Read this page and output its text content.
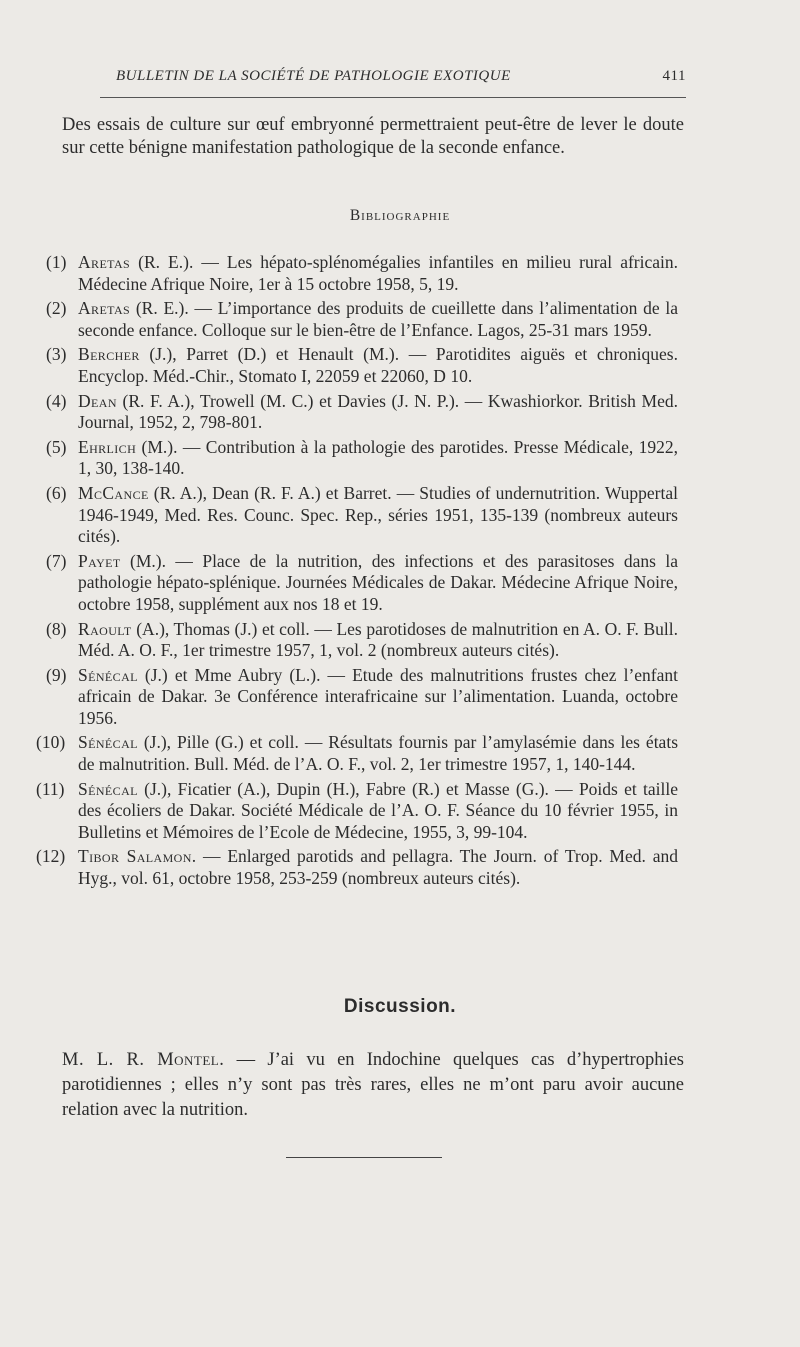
BULLETIN DE LA SOCIÉTÉ DE PATHOLOGIE EXOTIQUE	411

Des essais de culture sur œuf embryonné permettraient peut-être de lever le doute sur cette bénigne manifestation pathologique de la seconde enfance.

Bibliographie
(1) Aretas (R. E.). — Les hépato-splénomégalies infantiles en milieu rural africain. Médecine Afrique Noire, 1er à 15 octobre 1958, 5, 19.
(2) Aretas (R. E.). — L’importance des produits de cueillette dans l’alimentation de la seconde enfance. Colloque sur le bien-être de l’Enfance. Lagos, 25-31 mars 1959.
(3) Bercher (J.), Parret (D.) et Henault (M.). — Parotidites aiguës et chroniques. Encyclop. Méd.-Chir., Stomato I, 22059 et 22060, D 10.
(4) Dean (R. F. A.), Trowell (M. C.) et Davies (J. N. P.). — Kwashiorkor. British Med. Journal, 1952, 2, 798-801.
(5) Ehrlich (M.). — Contribution à la pathologie des parotides. Presse Médicale, 1922, 1, 30, 138-140.
(6) McCance (R. A.), Dean (R. F. A.) et Barret. — Studies of undernutrition. Wuppertal 1946-1949, Med. Res. Counc. Spec. Rep., séries 1951, 135-139 (nombreux auteurs cités).
(7) Payet (M.). — Place de la nutrition, des infections et des parasitoses dans la pathologie hépato-splénique. Journées Médicales de Dakar. Médecine Afrique Noire, octobre 1958, supplément aux nos 18 et 19.
(8) Raoult (A.), Thomas (J.) et coll. — Les parotidoses de malnutrition en A. O. F. Bull. Méd. A. O. F., 1er trimestre 1957, 1, vol. 2 (nombreux auteurs cités).
(9) Sénécal (J.) et Mme Aubry (L.). — Etude des malnutritions frustes chez l’enfant africain de Dakar. 3e Conférence interafricaine sur l’alimentation. Luanda, octobre 1956.
(10) Sénécal (J.), Pille (G.) et coll. — Résultats fournis par l’amylasémie dans les états de malnutrition. Bull. Méd. de l’A. O. F., vol. 2, 1er trimestre 1957, 1, 140-144.
(11) Sénécal (J.), Ficatier (A.), Dupin (H.), Fabre (R.) et Masse (G.). — Poids et taille des écoliers de Dakar. Société Médicale de l’A. O. F. Séance du 10 février 1955, in Bulletins et Mémoires de l’Ecole de Médecine, 1955, 3, 99-104.
(12) Tibor Salamon. — Enlarged parotids and pellagra. The Journ. of Trop. Med. and Hyg., vol. 61, octobre 1958, 253-259 (nombreux auteurs cités).
Discussion.

M. L. R. Montel. — J’ai vu en Indochine quelques cas d’hypertrophies parotidiennes ; elles n’y sont pas très rares, elles ne m’ont paru avoir aucune relation avec la nutrition.
